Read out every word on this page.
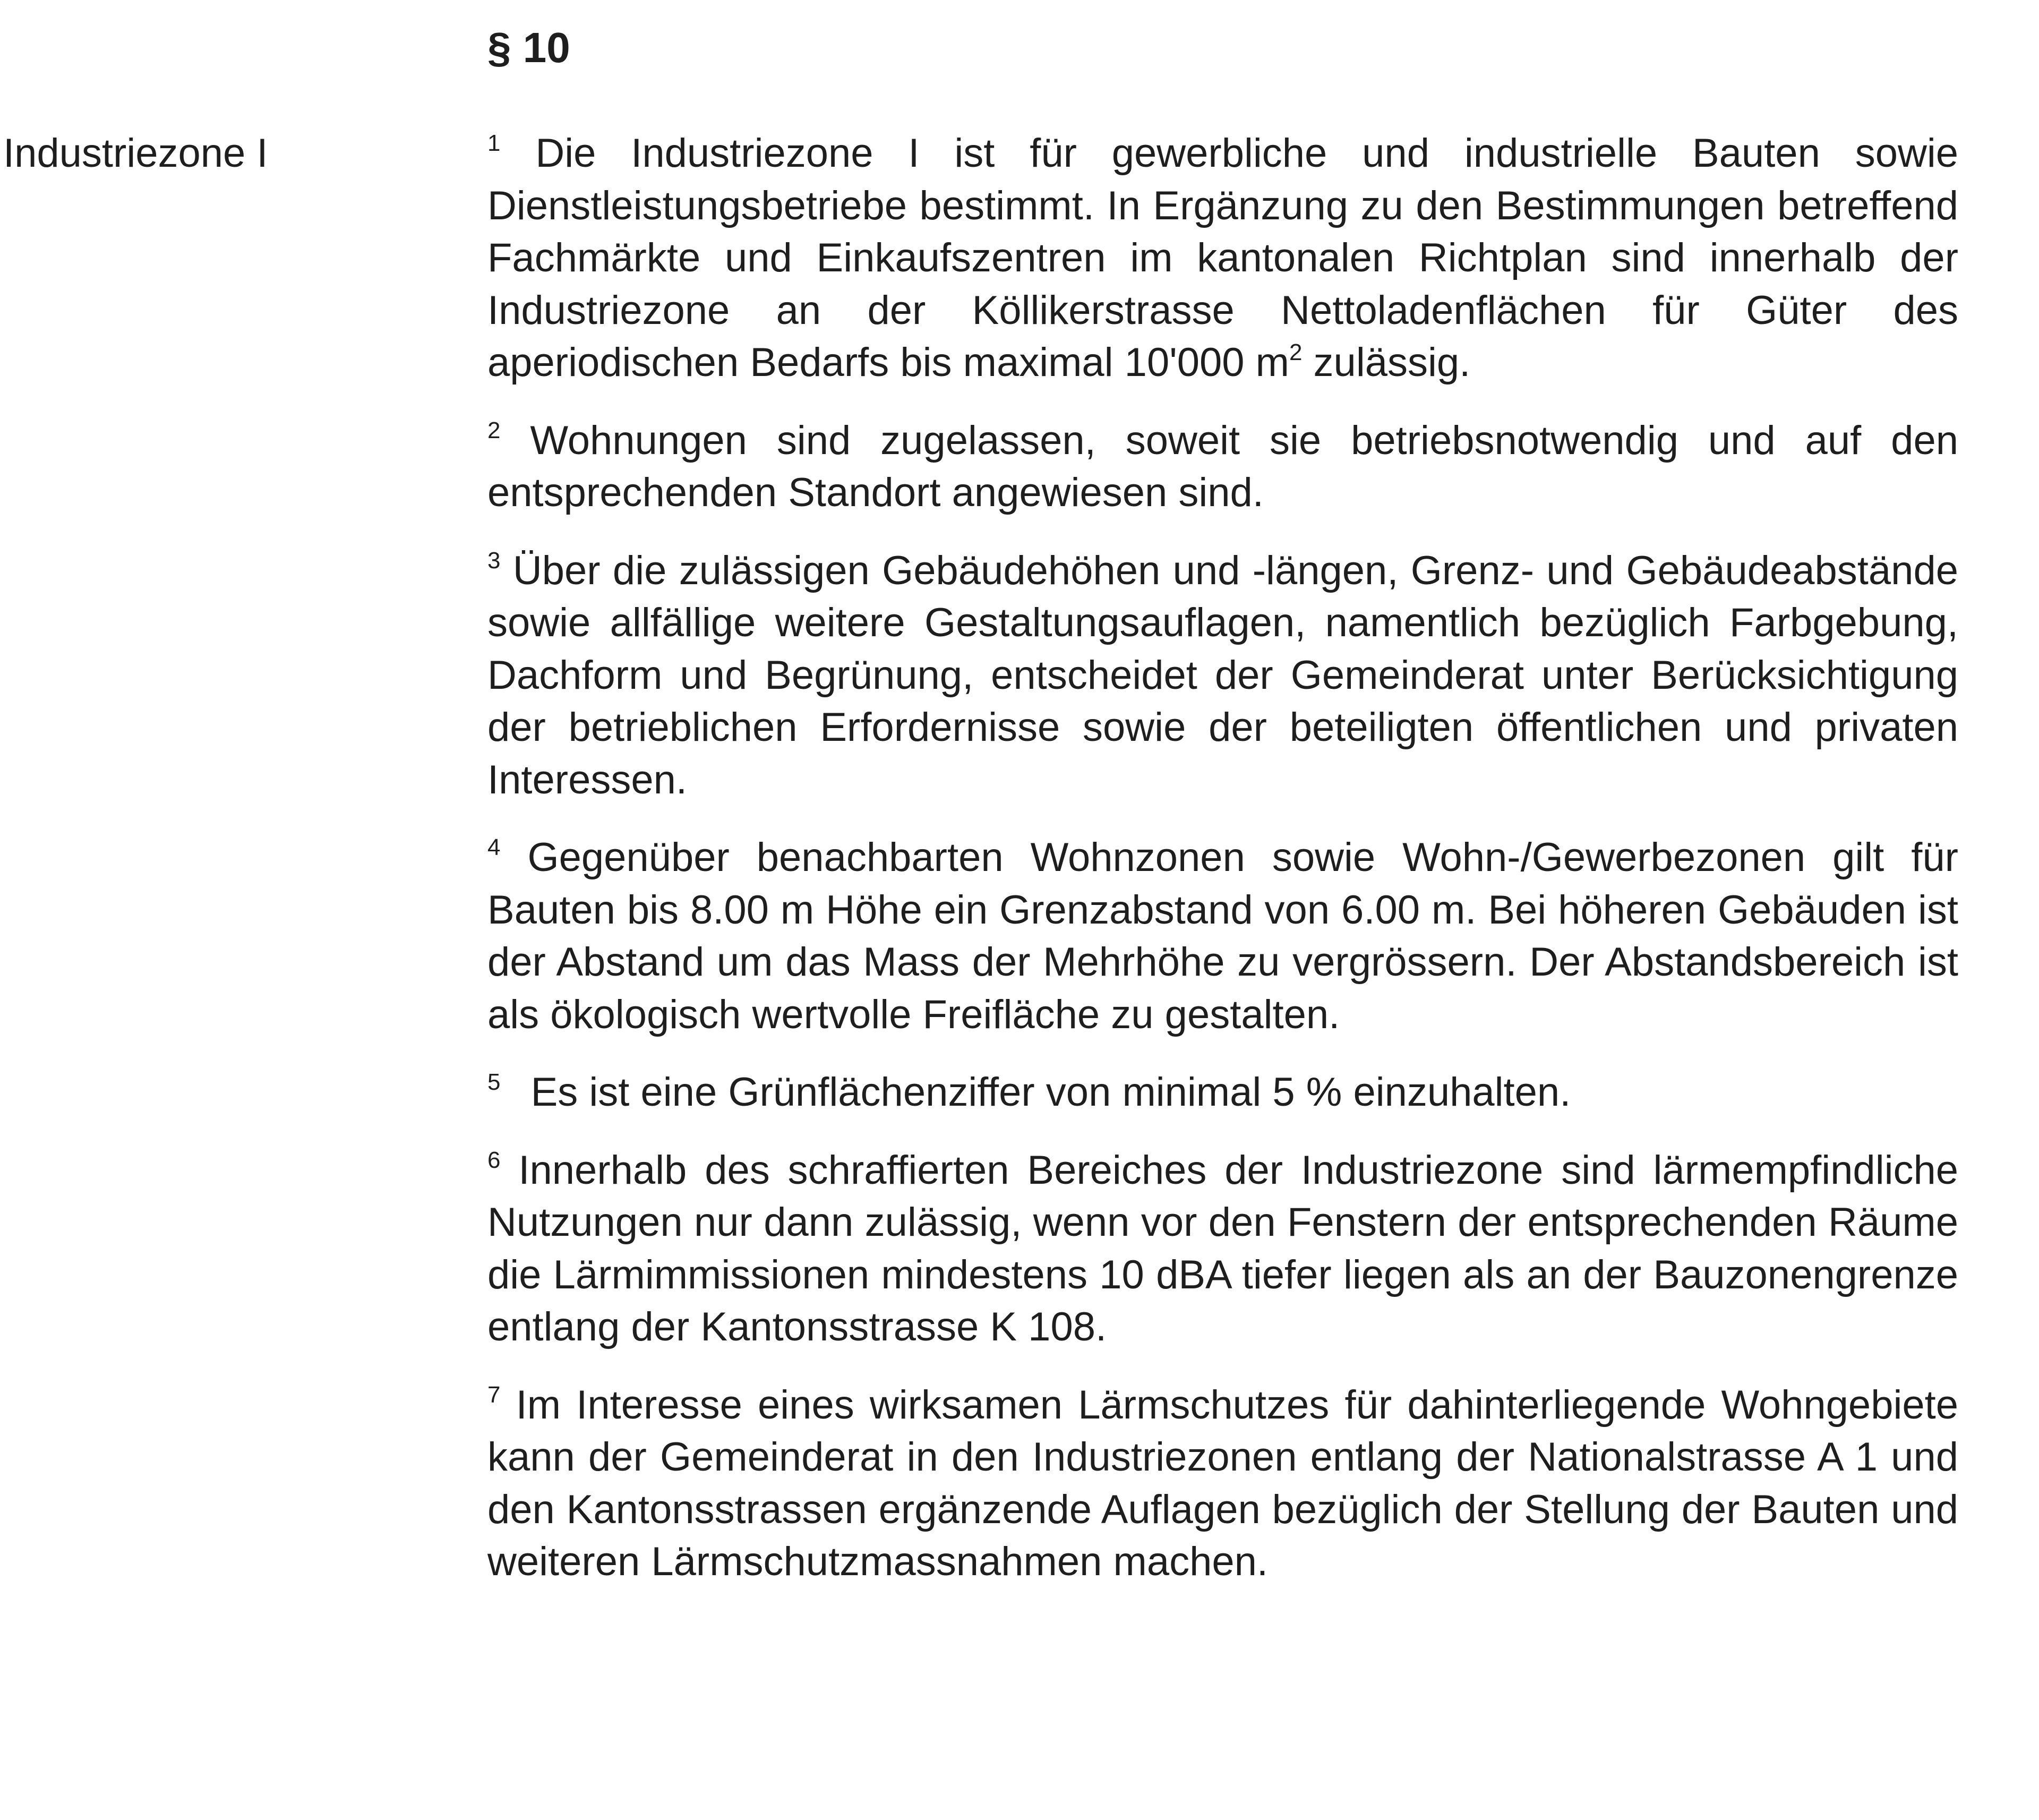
§ 10
Industriezone I	$^1$ Die Industriezone I ist für gewerbliche und industrielle Bauten sowie Dienstleistungsbetriebe bestimmt. In Ergänzung zu den Bestimmungen betreffend Fachmärkte und Einkaufszentren im kantonalen Richtplan sind innerhalb der Industriezone an der Köllikerstrasse Nettoladenflächen für Güter des aperiodischen Bedarfs bis maximal 10'000 $m^2$ zulässig.

$^2$ Wohnungen sind zugelassen, soweit sie betriebsnotwendig und auf den entsprechenden Standort angewiesen sind.

$^3$ Über die zulässigen Gebäudehöhen und -längen, Grenz- und Gebäudeabstände sowie allfällige weitere Gestaltungsauflagen, namentlich bezüglich Farbgebung, Dachform und Begrünung, entscheidet der Gemeinderat unter Berücksichtigung der betrieblichen Erfordernisse sowie der beteiligten öffentlichen und privaten Interessen.

$^4$ Gegenüber benachbarten Wohnzonen sowie Wohn-/Gewerbezonen gilt für Bauten bis 8.00 m Höhe ein Grenzabstand von 6.00 m. Bei höheren Gebäuden ist der Abstand um das Mass der Mehrhöhe zu vergrössern. Der Abstandsbereich ist als ökologisch wertvolle Freifläche zu gestalten.

$^5$ Es ist eine Grünflächenziffer von minimal 5 % einzuhalten.

$^6$ Innerhalb des schraffierten Bereiches der Industriezone sind lärmempfindliche Nutzungen nur dann zulässig, wenn vor den Fenstern der entsprechenden Räume die Lärmimmissionen mindestens 10 dBA tiefer liegen als an der Bauzonengrenze entlang der Kantonsstrasse K 108.

$^7$ Im Interesse eines wirksamen Lärmschutzes für dahinterliegende Wohngebiete kann der Gemeinderat in den Industriezonen entlang der Nationalstrasse A 1 und den Kantonsstrassen ergänzende Auflagen bezüglich der Stellung der Bauten und weiteren Lärmschutzmassnahmen machen.
